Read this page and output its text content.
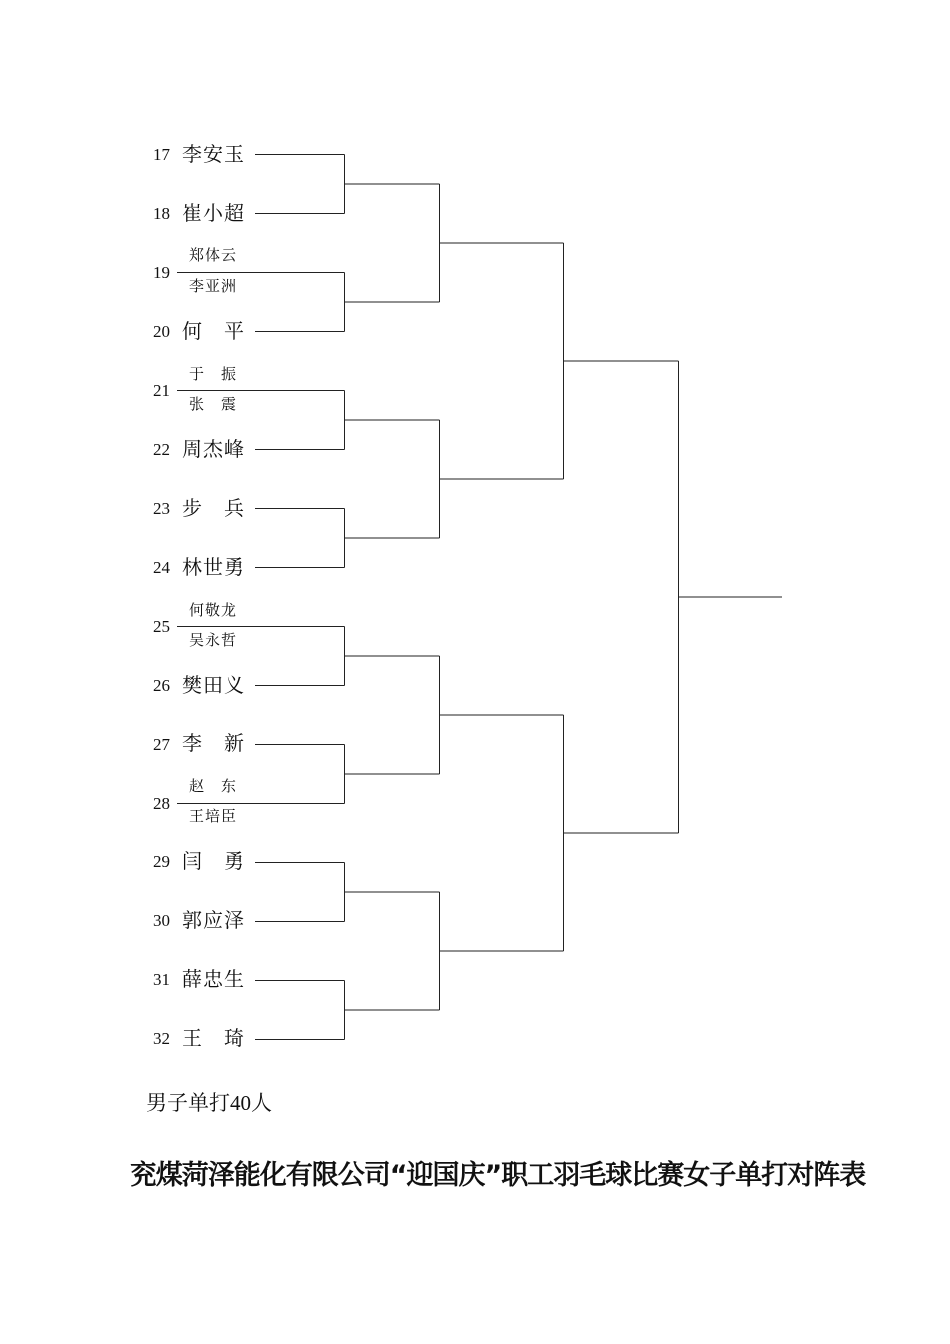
17 李安玉
18 崔小超
19
郑体云
李亚洲
20 何　平
21
于　振
张　震
22 周杰峰
23 步　兵
24 林世勇
25
何敬龙
吴永哲
26 樊田义
27 李　新
28
赵　东
王培臣
29 闫　勇
30 郭应泽
31 薛忠生
32 王　琦
男子单打40人
兖煤菏泽能化有限公司“迎国庆”职工羽毛球比赛女子单打对阵表
